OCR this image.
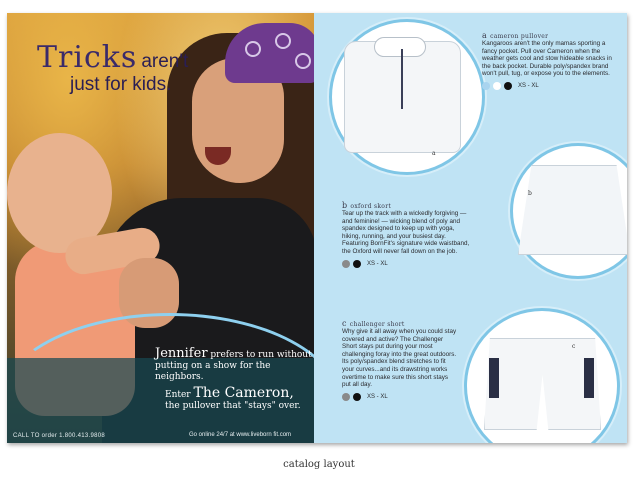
Tricks aren't
just for kids.
Jennifer prefers to run without putting on a show for the neighbors.
Enter The Cameron,
the pullover that "stays" over.
CALL TO order 1.800.413.9808	Go online 24/7 at www.liveborn fit.com
a
b
c
a cameron pullover
Kangaroos aren't the only mamas sporting a fancy pocket. Pull over Cameron when the weather gets cool and stow hideable snacks in the back pocket. Durable poly/spandex brand won't pull, tug, or expose you to the elements.
XS - XL
b oxford skort
Tear up the track with a wickedly forgiving — and feminine! — wicking blend of poly and spandex designed to keep up with yoga, hiking, running, and your busiest day. Featuring BornFit's signature wide waistband, the Oxford will never fall down on the job.
XS - XL
c challenger short
Why give it all away when you could stay covered and active? The Challenger Short stays put during your most challenging foray into the great outdoors. Its poly/spandex blend stretches to fit your curves...and its drawstring works overtime to make sure this short stays put all day.
XS - XL
catalog layout
